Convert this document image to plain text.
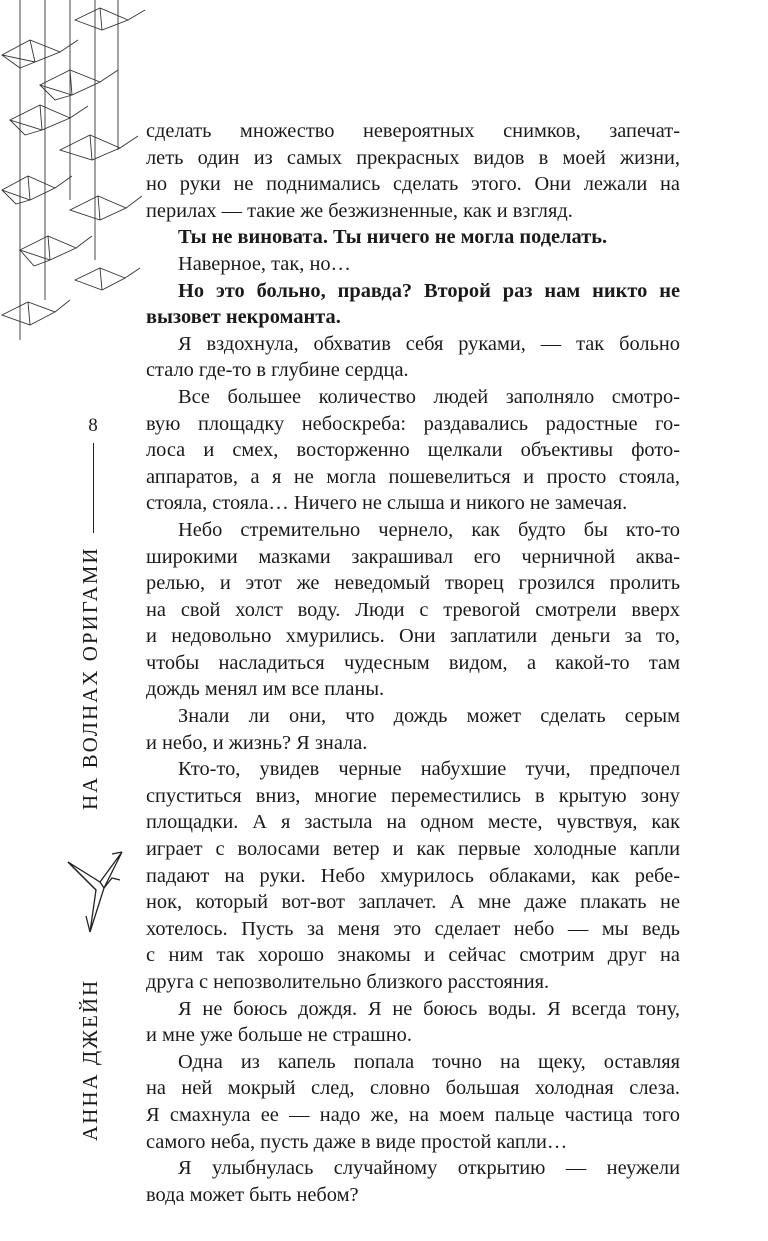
8
НА ВОЛНАХ ОРИГАМИ
АННА ДЖЕЙН
сделать множество невероятных снимков, запечат-
леть один из самых прекрасных видов в моей жизни,
но руки не поднимались сделать этого. Они лежали на
перилах — такие же безжизненные, как и взгляд.
Ты не виновата. Ты ничего не могла поделать.
Наверное, так, но…
Но это больно, правда? Второй раз нам никто не
вызовет некроманта.
Я вздохнула, обхватив себя руками, — так больно
стало где-то в глубине сердца.
Все большее количество людей заполняло смотро-
вую площадку небоскреба: раздавались радостные го-
лоса и смех, восторженно щелкали объективы фото-
аппаратов, а я не могла пошевелиться и просто стояла,
стояла, стояла… Ничего не слыша и никого не замечая.
Небо стремительно чернело, как будто бы кто-то
широкими мазками закрашивал его черничной аква-
релью, и этот же неведомый творец грозился пролить
на свой холст воду. Люди с тревогой смотрели вверх
и недовольно хмурились. Они заплатили деньги за то,
чтобы насладиться чудесным видом, а какой-то там
дождь менял им все планы.
Знали ли они, что дождь может сделать серым
и небо, и жизнь? Я знала.
Кто-то, увидев черные набухшие тучи, предпочел
спуститься вниз, многие переместились в крытую зону
площадки. А я застыла на одном месте, чувствуя, как
играет с волосами ветер и как первые холодные капли
падают на руки. Небо хмурилось облаками, как ребе-
нок, который вот-вот заплачет. А мне даже плакать не
хотелось. Пусть за меня это сделает небо — мы ведь
с ним так хорошо знакомы и сейчас смотрим друг на
друга с непозволительно близкого расстояния.
Я не боюсь дождя. Я не боюсь воды. Я всегда тону,
и мне уже больше не страшно.
Одна из капель попала точно на щеку, оставляя
на ней мокрый след, словно большая холодная слеза.
Я смахнула ее — надо же, на моем пальце частица того
самого неба, пусть даже в виде простой капли…
Я улыбнулась случайному открытию — неужели
вода может быть небом?
